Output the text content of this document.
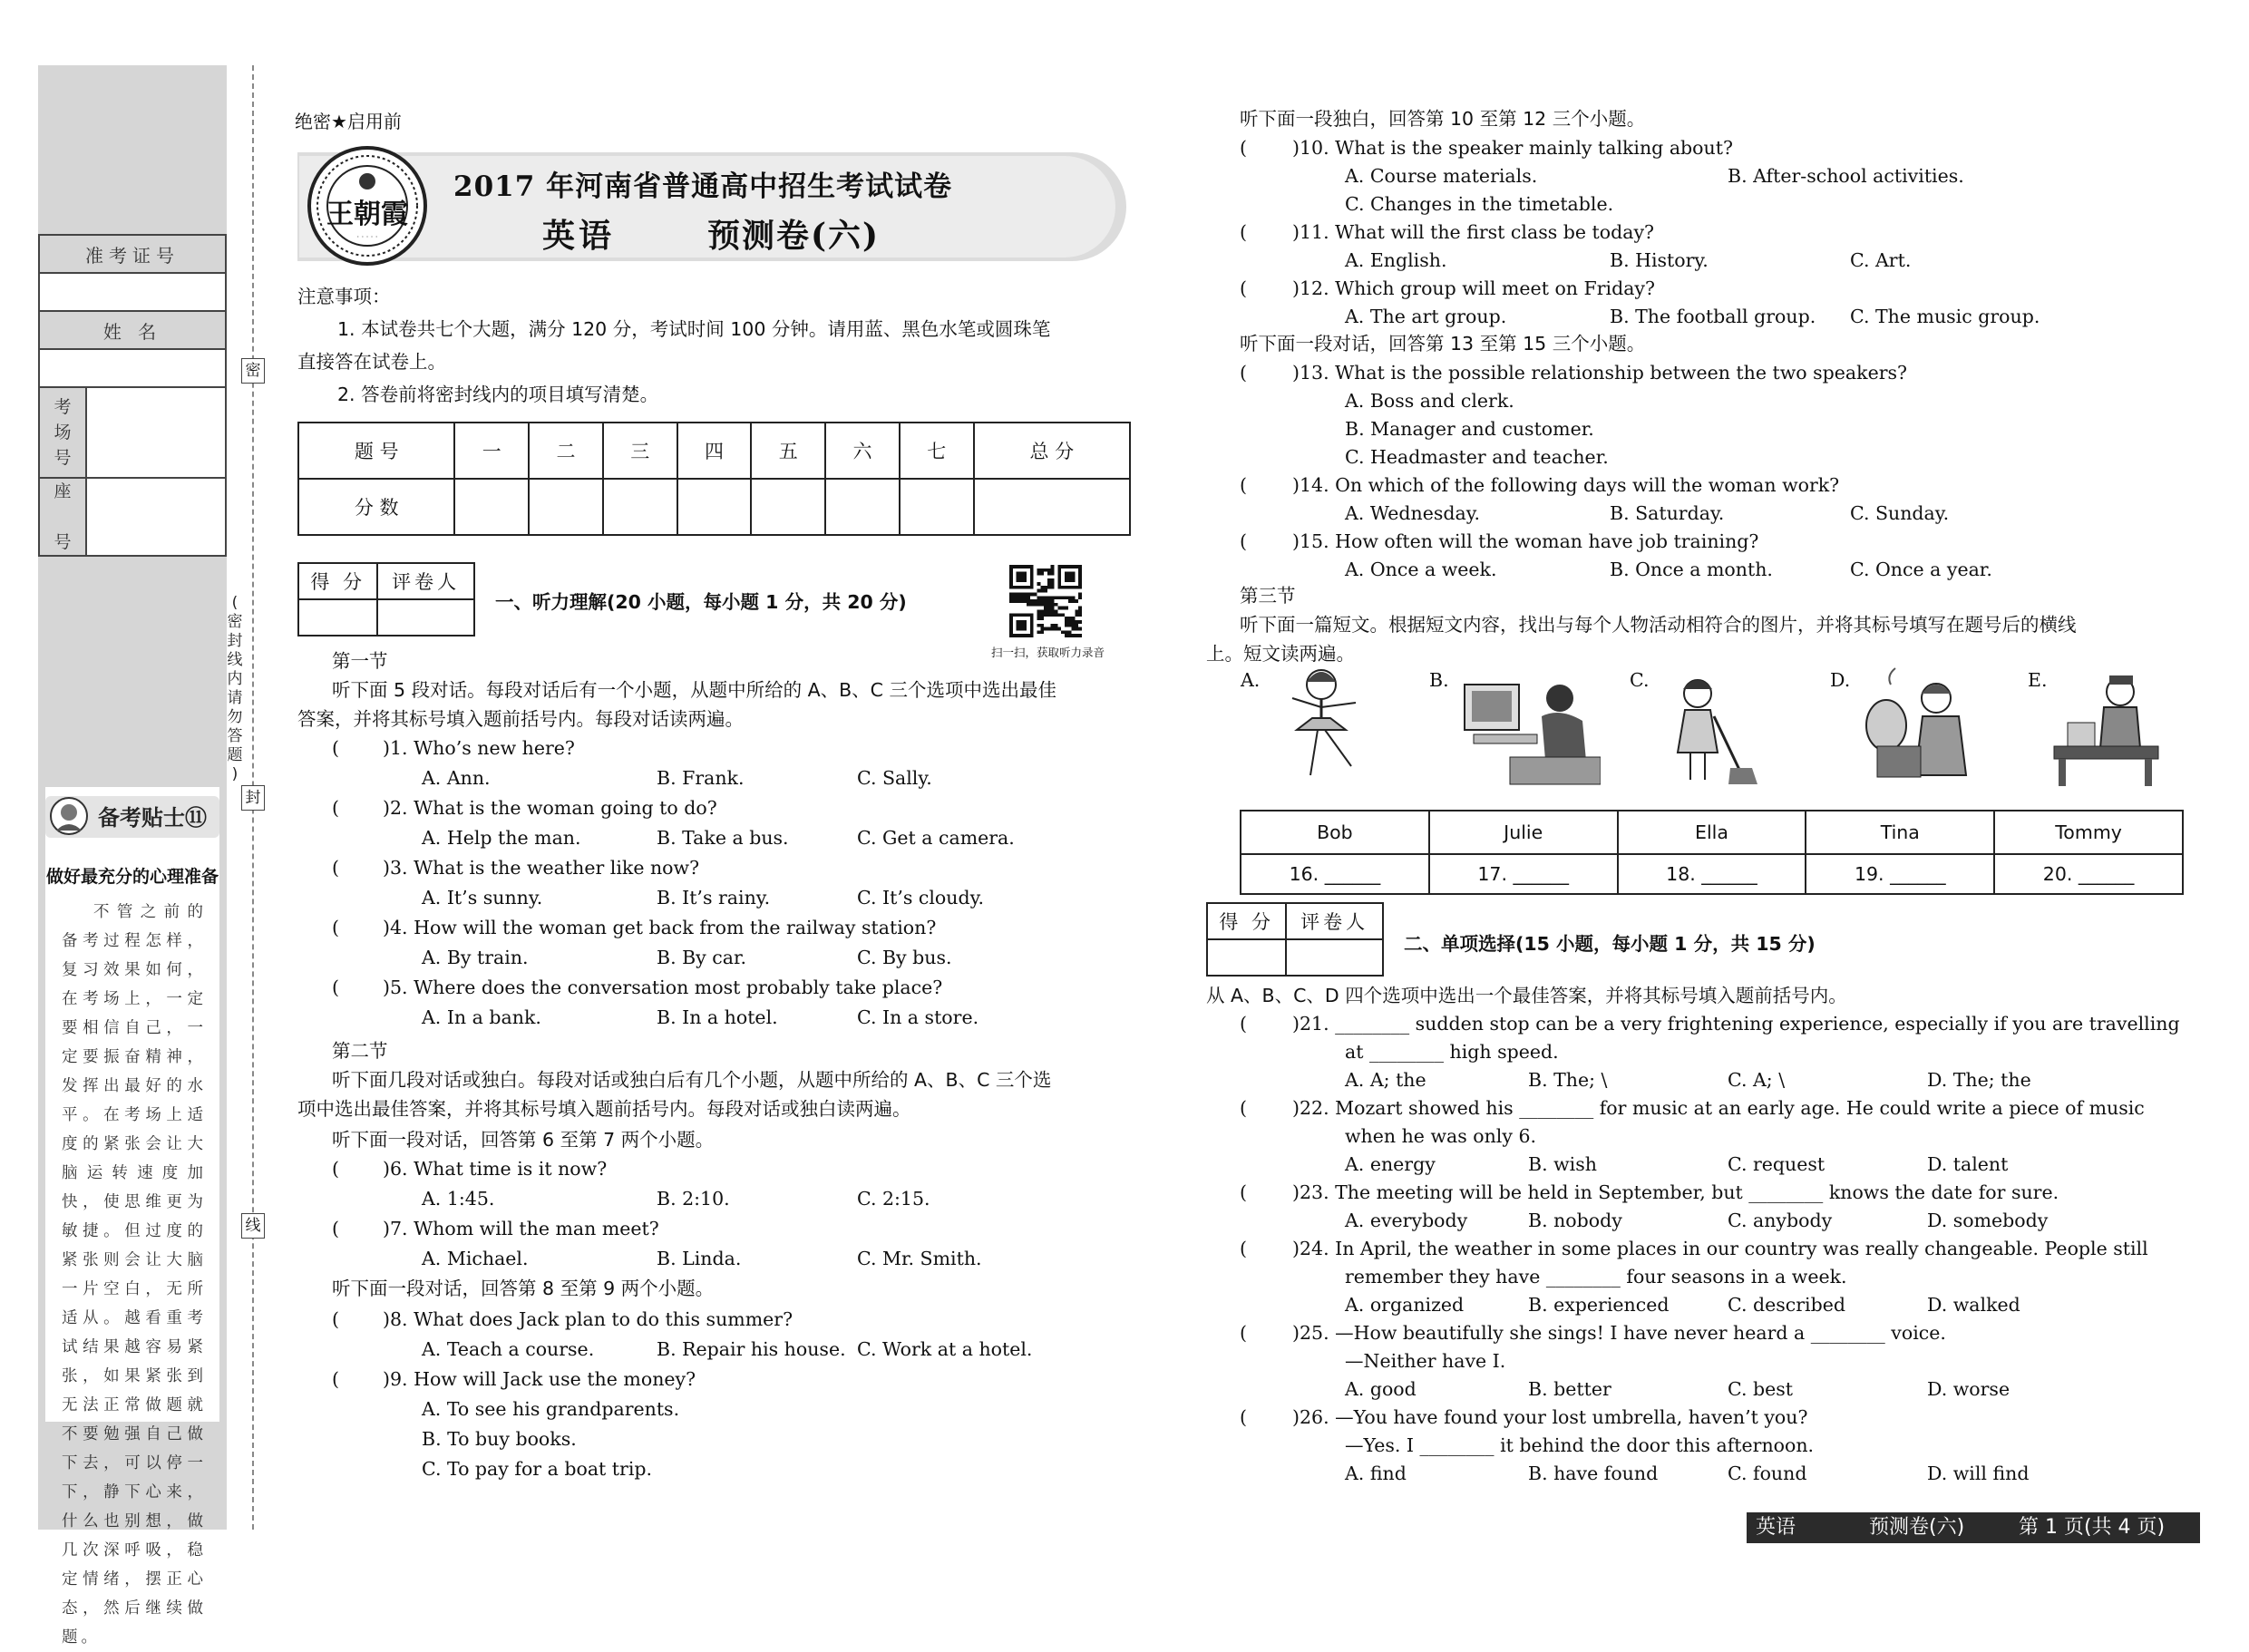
准考证号	

姓 名	

考
场
号	
座

号	
密
封
线
(
密
封
线
内
请
勿
答
题
)
备考贴士⑪
做好最充分的心理准备
不管之前的备考过程怎样，复习效果如何，在考场上，一定要相信自己，一定要振奋精神，发挥出最好的水平。在考场上适度的紧张会让大脑运转速度加快，使思维更为敏捷。但过度的紧张则会让大脑一片空白，无所适从。越看重考试结果越容易紧张，如果紧张到无法正常做题就不要勉强自己做下去，可以停一下，静下心来，什么也别想，做几次深呼吸，稳定情绪，摆正心态，然后继续做题。
绝密★启用前
王朝霞
· · · · ·
2017 年河南省普通高中招生考试试卷
英语	预测卷(六)
注意事项：
1. 本试卷共七个大题，满分 120 分，考试时间 100 分钟。请用蓝、黑色水笔或圆珠笔
直接答在试卷上。
2. 答卷前将密封线内的项目填写清楚。
题 号	一	二	三	四	五	六	七	总 分
分 数								
得 分	评卷人

一、听力理解(20 小题，每小题 1 分，共 20 分)
扫一扫，获取听力录音
第一节
听下面 5 段对话。每段对话后有一个小题，从题中所给的 A、B、C 三个选项中选出最佳
答案，并将其标号填入题前括号内。每段对话读两遍。
( )1. Who’s new here?
A. Ann.	B. Frank.	C. Sally.
( )2. What is the woman going to do?
A. Help the man.	B. Take a bus.	C. Get a camera.
( )3. What is the weather like now?
A. It’s sunny.	B. It’s rainy.	C. It’s cloudy.
( )4. How will the woman get back from the railway station?
A. By train.	B. By car.	C. By bus.
( )5. Where does the conversation most probably take place?
A. In a bank.	B. In a hotel.	C. In a store.
( )6. What time is it now?
A. 1:45.	B. 2:10.	C. 2:15.
( )7. Whom will the man meet?
A. Michael.	B. Linda.	C. Mr. Smith.
( )8. What does Jack plan to do this summer?
A. Teach a course.	B. Repair his house. C. Work at a hotel.
( )9. How will Jack use the money?
A. To see his grandparents.
B. To buy books.
C. To pay for a boat trip.
第二节
听下面几段对话或独白。每段对话或独白后有几个小题，从题中所给的 A、B、C 三个选
项中选出最佳答案，并将其标号填入题前括号内。每段对话或独白读两遍。
听下面一段对话，回答第 6 至第 7 两个小题。
听下面一段对话，回答第 8 至第 9 两个小题。
听下面一段独白，回答第 10 至第 12 三个小题。
听下面一段对话，回答第 13 至第 15 三个小题。
( )10. What is the speaker mainly talking about?
A. Course materials.	B. After-school activities.
C. Changes in the timetable.
( )11. What will the first class be today?
A. English.	B. History.	C. Art.
( )12. Which group will meet on Friday?
A. The art group.	B. The football group. C. The music group.
( )13. What is the possible relationship between the two speakers?
A. Boss and clerk.
B. Manager and customer.
C. Headmaster and teacher.
( )14. On which of the following days will the woman work?
A. Wednesday.	B. Saturday.	C. Sunday.
( )15. How often will the woman have job training?
A. Once a week.	B. Once a month.	C. Once a year.
第三节
听下面一篇短文。根据短文内容，找出与每个人物活动相符合的图片，并将其标号填写在题号后的横线
上。短文读两遍。
A.	B.	C.	D.	E.
Bob	Julie	Ella	Tina	Tommy
16. ______	17. ______	18. ______	19. ______	20. ______
得 分	评卷人

二、单项选择(15 小题，每小题 1 分，共 15 分)
从 A、B、C、D 四个选项中选出一个最佳答案，并将其标号填入题前括号内。
( )21. ________ sudden stop can be a very frightening experience, especially if you are travelling
at ________ high speed.
A. A; the	B. The; \	C. A; \	D. The; the
( )22. Mozart showed his ________ for music at an early age. He could write a piece of music
when he was only 6.
A. energy	B. wish	C. request	D. talent
( )23. The meeting will be held in September, but ________ knows the date for sure.
A. everybody	B. nobody	C. anybody	D. somebody
( )24. In April, the weather in some places in our country was really changeable. People still
remember they have ________ four seasons in a week.
A. organized	B. experienced	C. described	D. walked
( )25. —How beautifully she sings! I have never heard a ________ voice.
—Neither have I.
A. good	B. better	C. best	D. worse
( )26. —You have found your lost umbrella, haven’t you?
—Yes. I ________ it behind the door this afternoon.
A. find	B. have found	C. found	D. will find
英语	预测卷(六)	第 1 页(共 4 页)
